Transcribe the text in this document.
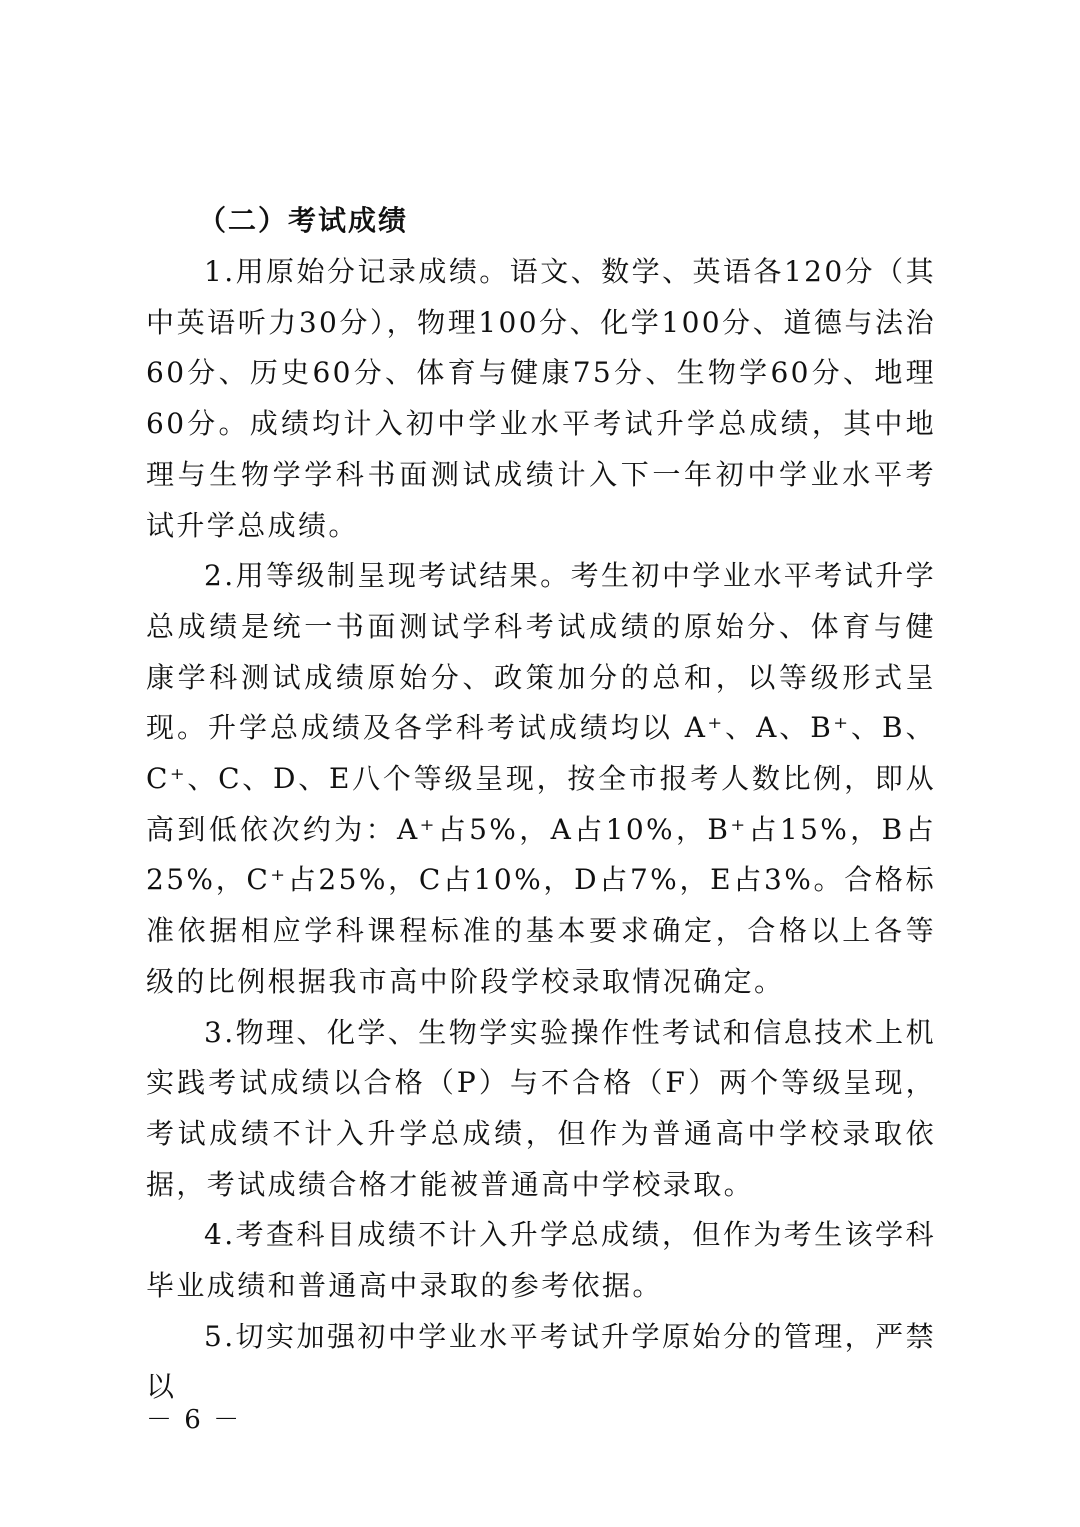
（二）考试成绩

1.用原始分记录成绩。语文、数学、英语各120分（其中英语听力30分），物理100分、化学100分、道德与法治60分、历史60分、体育与健康75分、生物学60分、地理60分。成绩均计入初中学业水平考试升学总成绩，其中地理与生物学学科书面测试成绩计入下一年初中学业水平考试升学总成绩。

2.用等级制呈现考试结果。考生初中学业水平考试升学总成绩是统一书面测试学科考试成绩的原始分、体育与健康学科测试成绩原始分、政策加分的总和，以等级形式呈现。升学总成绩及各学科考试成绩均以 A⁺、A、B⁺、B、C⁺、C、D、E八个等级呈现，按全市报考人数比例，即从高到低依次约为：A⁺占5%，A占10%，B⁺占15%，B占25%，C⁺占25%，C占10%，D占7%，E占3%。合格标准依据相应学科课程标准的基本要求确定，合格以上各等级的比例根据我市高中阶段学校录取情况确定。

3.物理、化学、生物学实验操作性考试和信息技术上机实践考试成绩以合格（P）与不合格（F）两个等级呈现，考试成绩不计入升学总成绩，但作为普通高中学校录取依据，考试成绩合格才能被普通高中学校录取。

4.考查科目成绩不计入升学总成绩，但作为考生该学科毕业成绩和普通高中录取的参考依据。

5.切实加强初中学业水平考试升学原始分的管理，严禁以

－ 6 －
